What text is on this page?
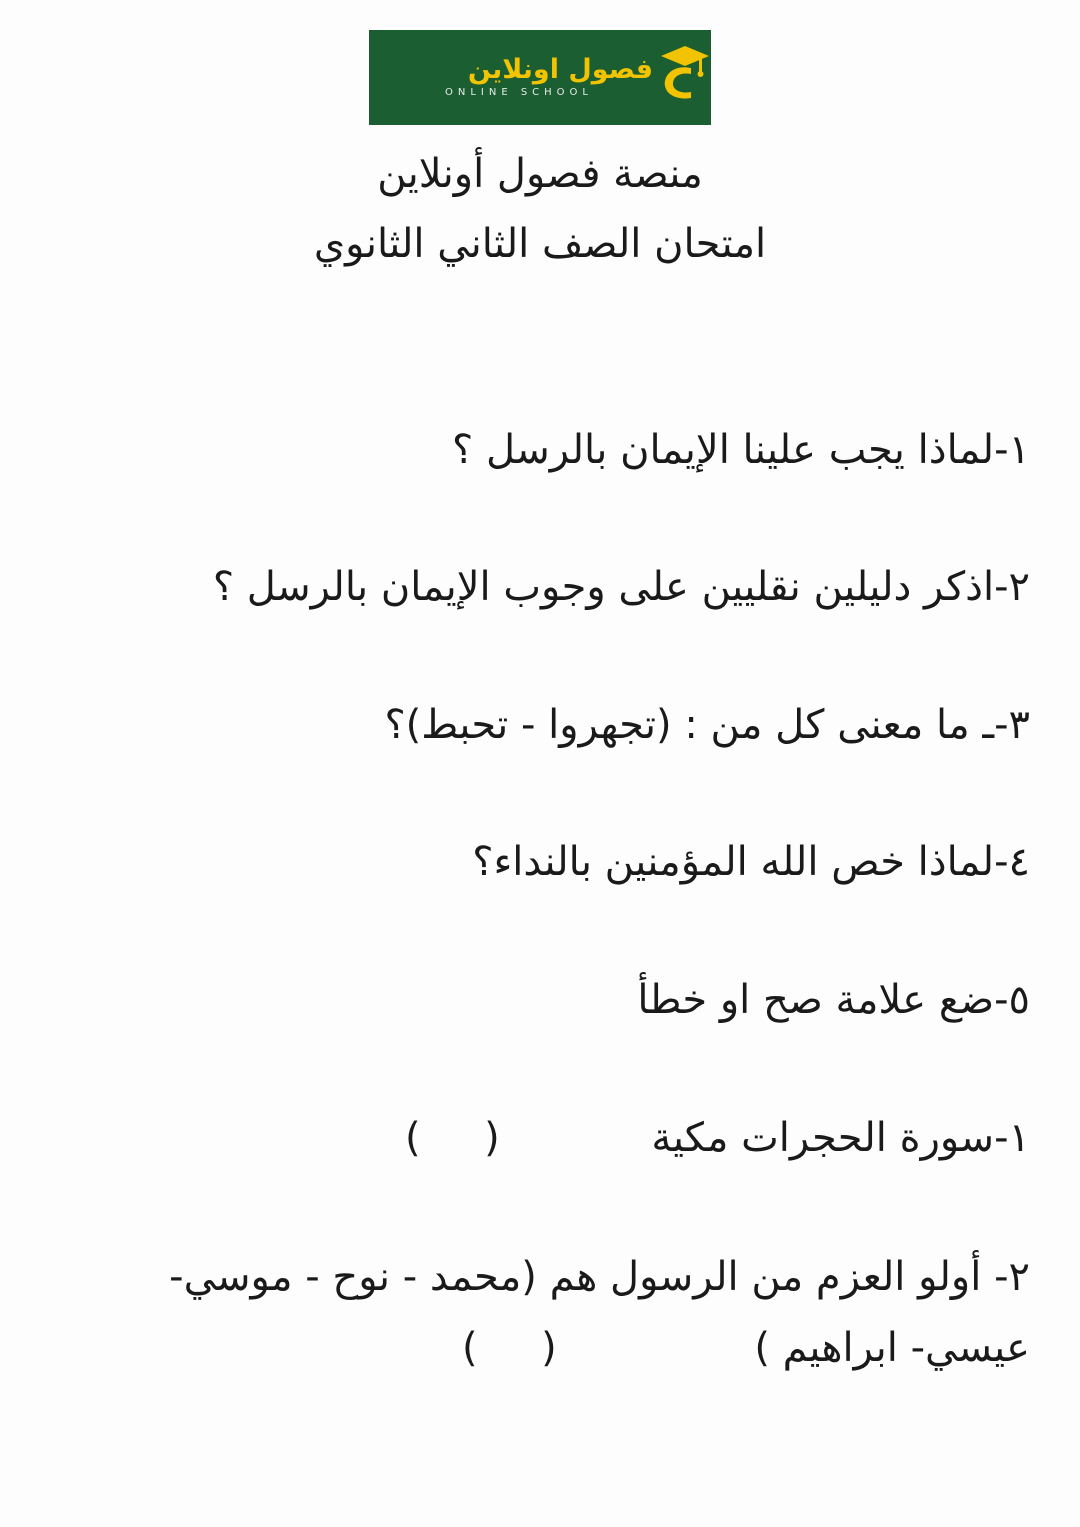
فصول اونلاين
ONLINE SCHOOL
منصة فصول أونلاين
امتحان الصف الثاني الثانوي
١-لماذا يجب علينا الإيمان بالرسل ؟
٢-اذكر دليلين نقليين على وجوب الإيمان بالرسل ؟
٣-ـ ما معنى كل من : (تجهروا - تحبط)؟
٤-لماذا خص الله المؤمنين بالنداء؟
٥-ضع علامة صح او خطأ
١-سورة الحجرات مكية
(     )
٢- أولو العزم من الرسول هم (محمد - نوح - موسي-
عيسي- ابراهيم )
(     )
